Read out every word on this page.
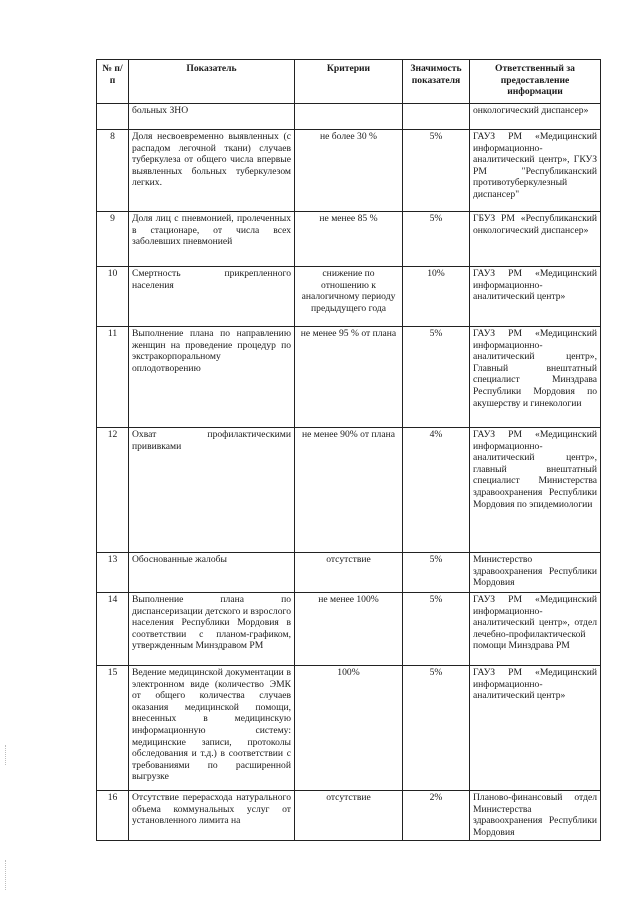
№ п/п	Показатель	Критерии	Значимость показателя	Ответственный за предоставление информации
	больных ЗНО			онкологический диспансер»
8	Доля несвоевременно выявленных (с распадом легочной ткани) случаев туберкулеза от общего числа впервые выявленных больных туберкулезом легких.	не более 30 %	5%	ГАУЗ РМ «Медицинский информационно-аналитический центр», ГКУЗ РМ "Республиканский противотуберкулезный диспансер"
9	Доля лиц с пневмонией, пролеченных в стационаре, от числа всех заболевших пневмонией	не менее 85 %	5%	ГБУЗ РМ «Республиканский онкологический диспансер»
10	Смертность прикрепленного населения	снижение по отношению к аналогичному периоду предыдущего года	10%	ГАУЗ РМ «Медицинский информационно-аналитический центр»
11	Выполнение плана по направлению женщин на проведение процедур по экстракорпоральному оплодотворению	не менее 95 % от плана	5%	ГАУЗ РМ «Медицинский информационно-аналитический центр», Главный внештатный специалист Минздрава Республики Мордовия по акушерству и гинекологии
12	Охват профилактическими прививками	не менее 90% от плана	4%	ГАУЗ РМ «Медицинский информационно-аналитический центр», главный внештатный специалист Министерства здравоохранения Республики Мордовия по эпидемиологии
13	Обоснованные жалобы	отсутствие	5%	Министерство здравоохранения Республики Мордовия
14	Выполнение плана по диспансеризации детского и взрослого населения Республики Мордовия в соответствии с планом-графиком, утвержденным Минздравом РМ	не менее 100%	5%	ГАУЗ РМ «Медицинский информационно-аналитический центр», отдел лечебно-профилактической помощи Минздрава РМ
15	Ведение медицинской документации в электронном виде (количество ЭМК от общего количества случаев оказания медицинской помощи, внесенных в медицинскую информационную систему: медицинские записи, протоколы обследования и т.д.) в соответствии с требованиями по расширенной выгрузке	100%	5%	ГАУЗ РМ «Медицинский информационно-аналитический центр»
16	Отсутствие перерасхода натурального объема коммунальных услуг от установленного лимита на	отсутствие	2%	Планово-финансовый отдел Министерства здравоохранения Республики Мордовия
